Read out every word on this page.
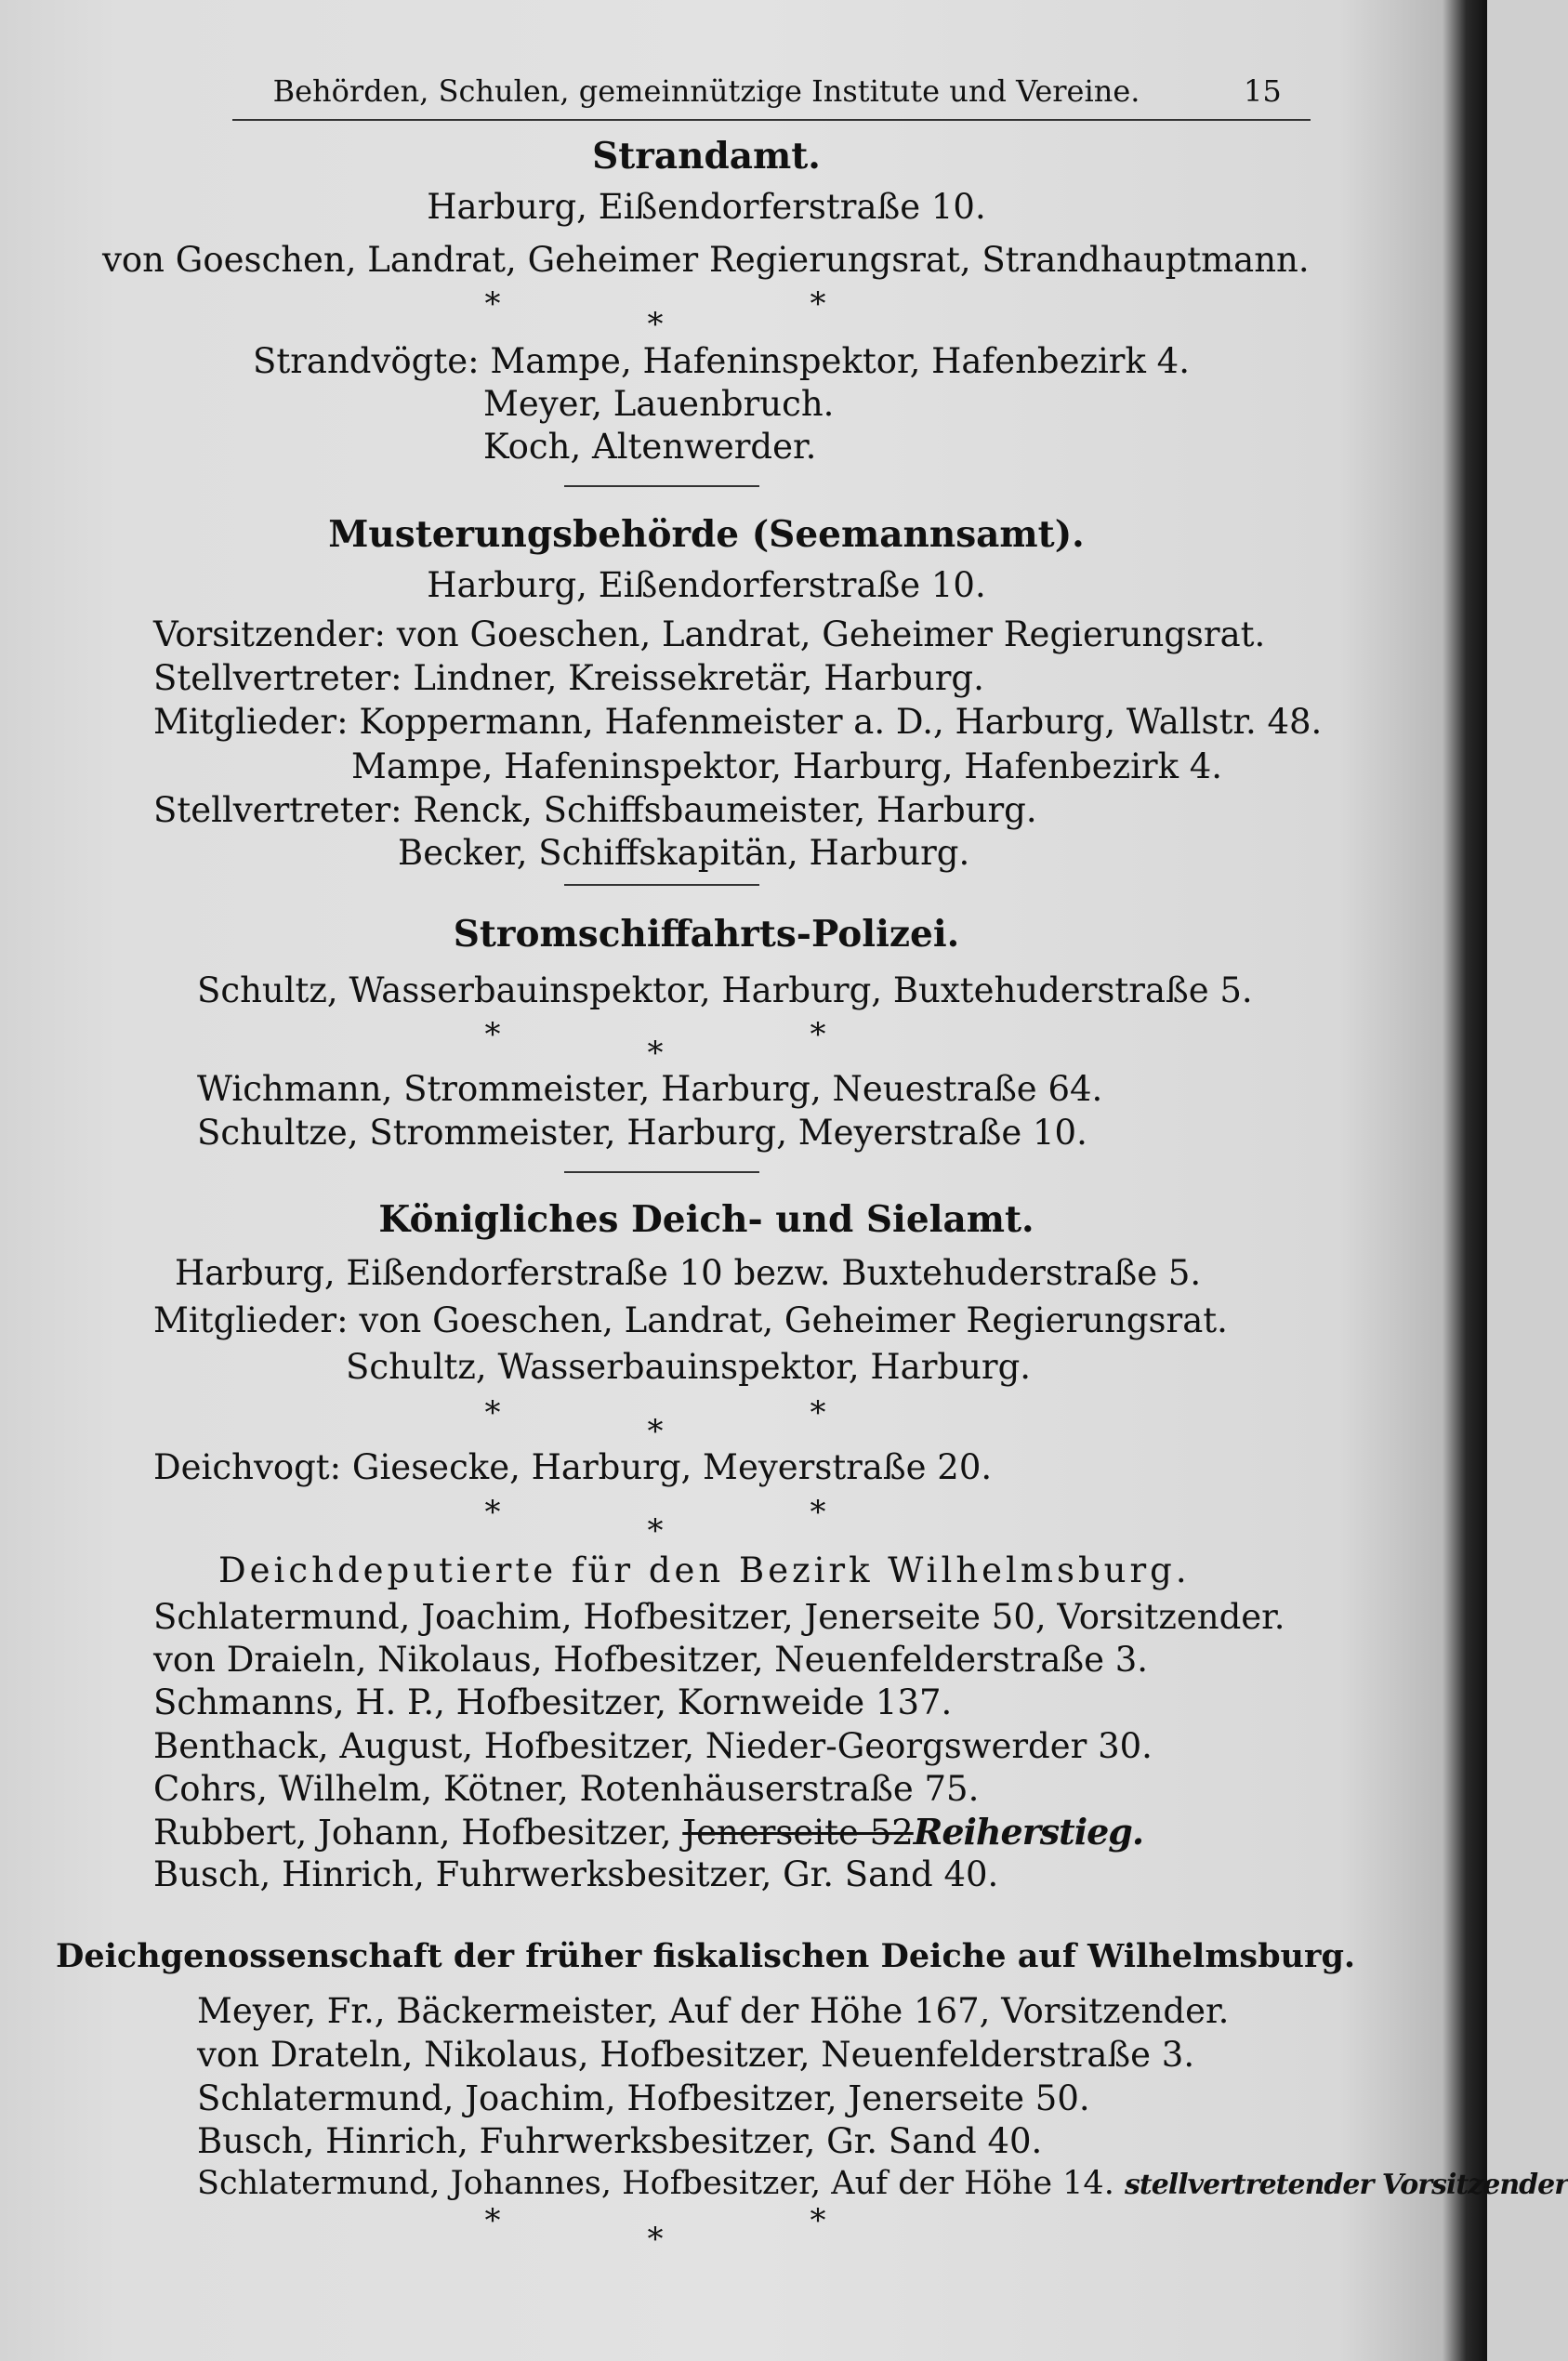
Behörden, Schulen, gemeinnützige Institute und Vereine.	15
Strandamt.
Harburg, Eißendorferstraße 10.
von Goeschen, Landrat, Geheimer Regierungsrat, Strandhauptmann.
*
*
*
Strandvögte: Mampe, Hafeninspektor, Hafenbezirk 4.
Meyer, Lauenbruch.
Koch, Altenwerder.
Musterungsbehörde (Seemannsamt).
Harburg, Eißendorferstraße 10.
Vorsitzender: von Goeschen, Landrat, Geheimer Regierungsrat.
Stellvertreter: Lindner, Kreissekretär, Harburg.
Mitglieder: Koppermann, Hafenmeister a. D., Harburg, Wallstr. 48.
Mampe, Hafeninspektor, Harburg, Hafenbezirk 4.
Stellvertreter: Renck, Schiffsbaumeister, Harburg.
Becker, Schiffskapitän, Harburg.
Stromschiffahrts-Polizei.
Schultz, Wasserbauinspektor, Harburg, Buxtehuderstraße 5.
*	*	*
Wichmann, Strommeister, Harburg, Neuestraße 64.
Schultze, Strommeister, Harburg, Meyerstraße 10.
Königliches Deich- und Sielamt.
Harburg, Eißendorferstraße 10 bezw. Buxtehuderstraße 5.
Mitglieder: von Goeschen, Landrat, Geheimer Regierungsrat.
Schultz, Wasserbauinspektor, Harburg.
*	*	*
Deichvogt: Giesecke, Harburg, Meyerstraße 20.
*	*	*
Deichdeputierte für den Bezirk Wilhelmsburg.
Schlatermund, Joachim, Hofbesitzer, Jenerseite 50, Vorsitzender.
von Draieln, Nikolaus, Hofbesitzer, Neuenfelderstraße 3.
Schmanns, H. P., Hofbesitzer, Kornweide 137.
Benthack, August, Hofbesitzer, Nieder-Georgswerder 30.
Cohrs, Wilhelm, Kötner, Rotenhäuserstraße 75.
Rubbert, Johann, Hofbesitzer, Jenerseite 52Reiherstieg.
Busch, Hinrich, Fuhrwerksbesitzer, Gr. Sand 40.
Deichgenossenschaft der früher fiskalischen Deiche auf Wilhelmsburg.
Meyer, Fr., Bäckermeister, Auf der Höhe 167, Vorsitzender.
von Drateln, Nikolaus, Hofbesitzer, Neuenfelderstraße 3.
Schlatermund, Joachim, Hofbesitzer, Jenerseite 50.
Busch, Hinrich, Fuhrwerksbesitzer, Gr. Sand 40.
Schlatermund, Johannes, Hofbesitzer, Auf der Höhe 14. stellvertretender Vorsitzender
*	*	*
